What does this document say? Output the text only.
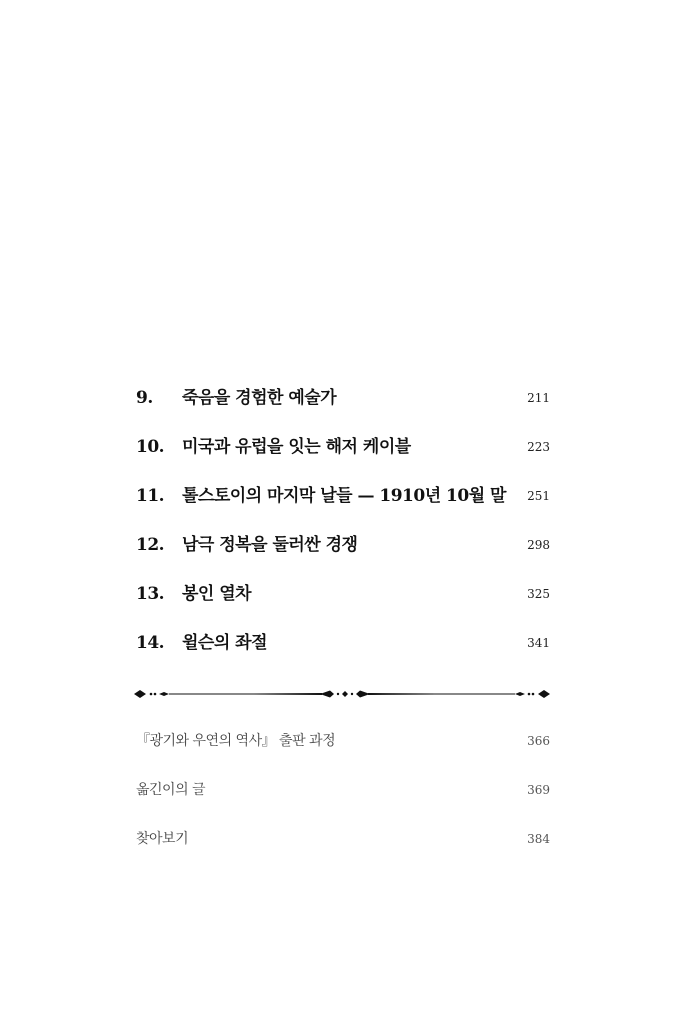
9. 죽음을 경험한 예술가	211
10. 미국과 유럽을 잇는 해저 케이블	223
11. 톨스토이의 마지막 날들 — 1910년 10월 말 251
12. 남극 정복을 둘러싼 경쟁	298
13. 봉인 열차	325
14. 윌슨의 좌절	341
『광기와 우연의 역사』 출판 과정	366
옮긴이의 글	369
찾아보기	384
